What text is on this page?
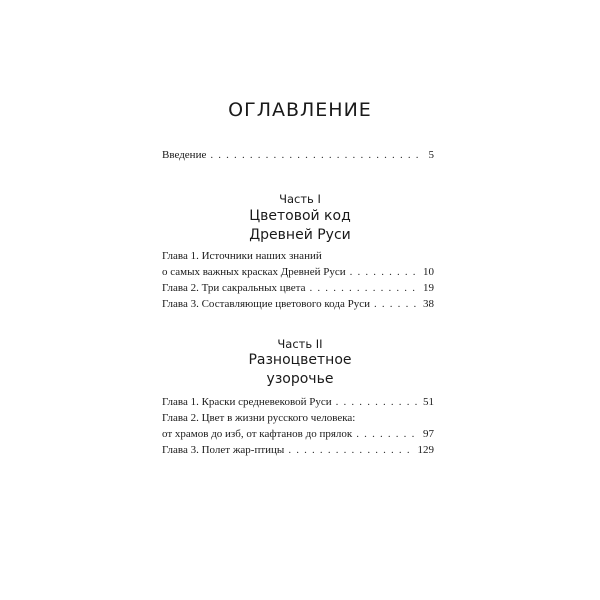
ОГЛАВЛЕНИЕ
Введение . . .	5
Часть I
Цветовой код
Древней Руси
Глава 1. Источники наших знаний
о самых важных красках Древней Руси . . .	10
Глава 2. Три сакральных цвета . . .	19
Глава 3. Составляющие цветового кода Руси . . .	38
Часть II
Разноцветное
узорочье
Глава 1. Краски средневековой Руси . . .	51
Глава 2. Цвет в жизни русского человека:
от храмов до изб, от кафтанов до прялок . . .	97
Глава 3. Полет жар-птицы . . .	129
